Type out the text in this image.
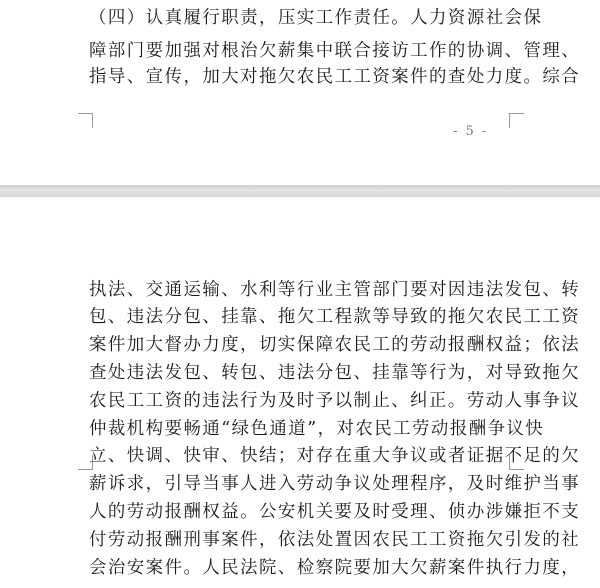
（四）认真履行职责，压实工作责任。人力资源社会保

障部门要加强对根治欠薪集中联合接访工作的协调、管理、

指导、宣传，加大对拖欠农民工工资案件的查处力度。综合

- 5 -

执法、交通运输、水利等行业主管部门要对因违法发包、转

包、违法分包、挂靠、拖欠工程款等导致的拖欠农民工工资

案件加大督办力度，切实保障农民工的劳动报酬权益；依法

查处违法发包、转包、违法分包、挂靠等行为，对导致拖欠

农民工工资的违法行为及时予以制止、纠正。劳动人事争议

仲裁机构要畅通“绿色通道”，对农民工劳动报酬争议快

立、快调、快审、快结；对存在重大争议或者证据不足的欠

薪诉求，引导当事人进入劳动争议处理程序，及时维护当事

人的劳动报酬权益。公安机关要及时受理、侦办涉嫌拒不支

付劳动报酬刑事案件，依法处置因农民工工资拖欠引发的社

会治安案件。人民法院、检察院要加大欠薪案件执行力度，
